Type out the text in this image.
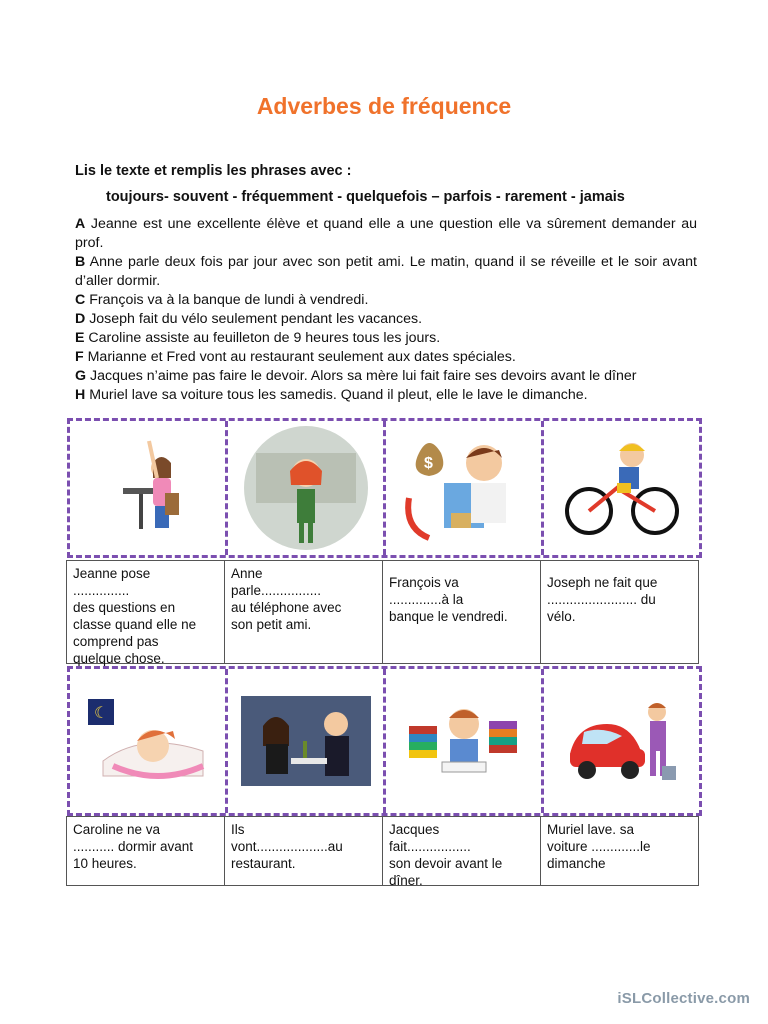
Adverbes de fréquence
Lis le texte et remplis les phrases avec :
toujours- souvent - fréquemment - quelquefois – parfois - rarement - jamais

A Jeanne est une excellente élève et quand elle a une question elle va sûrement demander au prof.

B Anne parle deux fois par jour avec son petit ami. Le matin, quand il se réveille et le soir avant d’aller dormir.

C François va à la banque de lundi à vendredi.

D Joseph fait du vélo seulement pendant les vacances.

E Caroline assiste au feuilleton de 9 heures tous les jours.

F Marianne et Fred vont au restaurant seulement aux dates spéciales.

G Jacques n’aime pas faire le devoir. Alors sa mère lui fait faire ses devoirs avant le dîner

H Muriel lave sa voiture tous les samedis. Quand il pleut, elle le lave le dimanche.

$
Jeanne pose
...............
des questions en
classe quand elle ne
comprend pas
quelque chose.
Anne
parle................
au téléphone avec
son petit ami.
François va
..............à la
banque le vendredi.
Joseph ne fait que
........................ du
vélo.
☾
Caroline ne va
........... dormir avant
10 heures.
Ils
vont...................au
restaurant.
Jacques
fait.................
son devoir avant le
dîner.
Muriel lave. sa
voiture .............le
dimanche
iSLCollective.com
